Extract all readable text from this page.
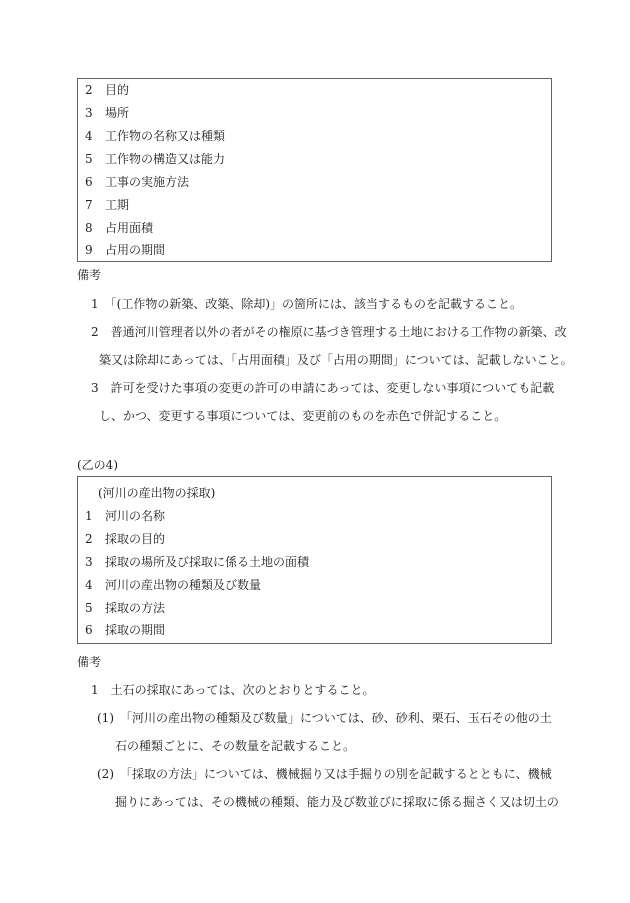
2 目的
3 場所
4 工作物の名称又は種類
5 工作物の構造又は能力
6 工事の実施方法
7 工期
8 占用面積
9 占用の期間
備考
1　「(工作物の新築、改築、除却)」の箇所には、該当するものを記載すること。
2　普通河川管理者以外の者がその権原に基づき管理する土地における工作物の新築、改
築又は除却にあっては、「占用面積」及び「占用の期間」については、記載しないこと。
3　許可を受けた事項の変更の許可の申請にあっては、変更しない事項についても記載
し、かつ、変更する事項については、変更前のものを赤色で併記すること。
(乙の4)
(河川の産出物の採取)
1 河川の名称
2 採取の目的
3 採取の場所及び採取に係る土地の面積
4 河川の産出物の種類及び数量
5 採取の方法
6 採取の期間
備考
1　土石の採取にあっては、次のとおりとすること。
(1)　「河川の産出物の種類及び数量」については、砂、砂利、栗石、玉石その他の土
石の種類ごとに、その数量を記載すること。
(2)　「採取の方法」については、機械掘り又は手掘りの別を記載するとともに、機械
掘りにあっては、その機械の種類、能力及び数並びに採取に係る掘さく又は切土の
